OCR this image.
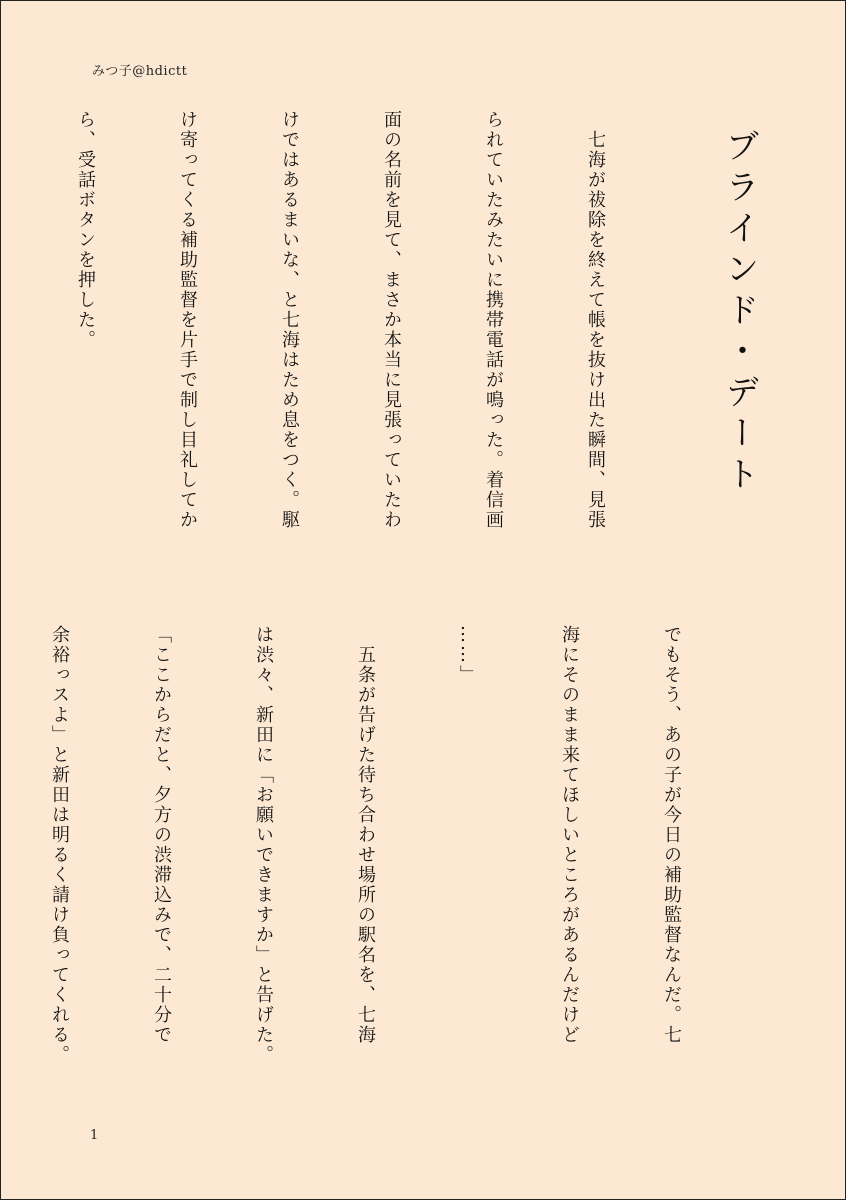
みつ子@hdictt
ブラインド・デート

　七海が祓除を終えて帳を抜け出た瞬間、見張

られていたみたいに携帯電話が鳴った。着信画

面の名前を見て、まさか本当に見張っていたわ

けではあるまいな、と七海はため息をつく。駆

け寄ってくる補助監督を片手で制し目礼してか

ら、受話ボタンを押した。

でもそう、あの子が今日の補助監督なんだ。七

海にそのまま来てほしいところがあるんだけど

……」

　五条が告げた待ち合わせ場所の駅名を、七海

は渋々、新田に「お願いできますか」と告げた。

「ここからだと、夕方の渋滞込みで、二十分で

余裕っスよ」と新田は明るく請け負ってくれる。

1
